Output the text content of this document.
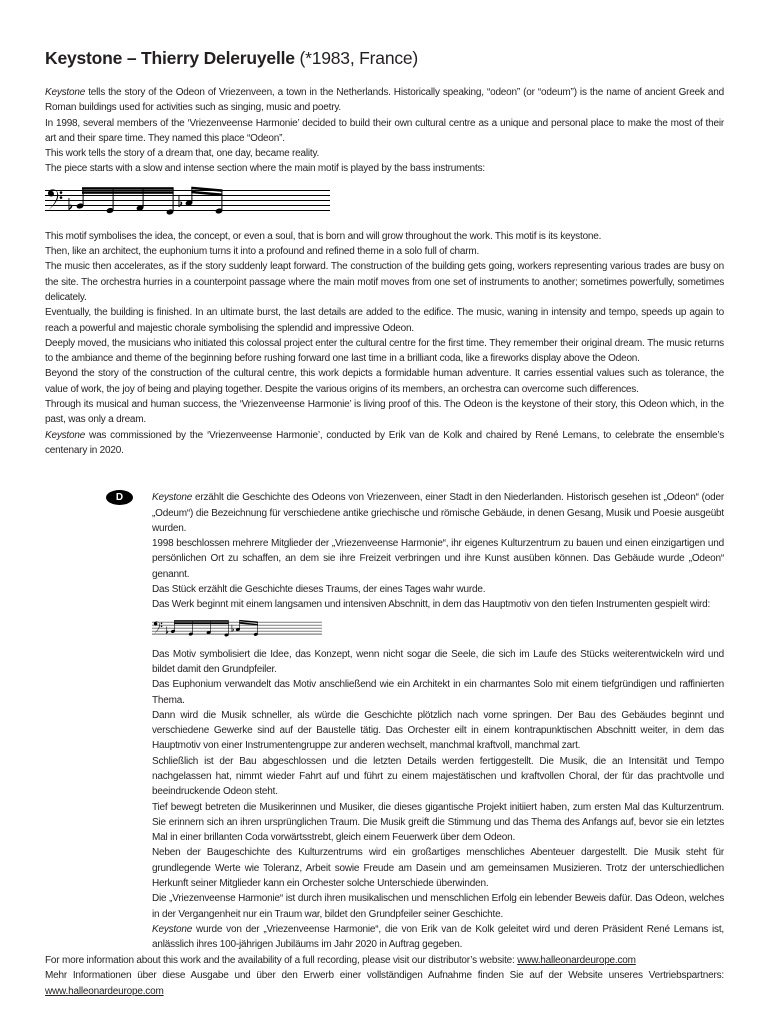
Keystone – Thierry Deleruyelle (*1983, France)

Keystone tells the story of the Odeon of Vriezenveen, a town in the Netherlands. Historically speaking, “odeon” (or “odeum”) is the name of ancient Greek and Roman buildings used for activities such as singing, music and poetry.

In 1998, several members of the ‘Vriezenveense Harmonie’ decided to build their own cultural centre as a unique and personal place to make the most of their art and their spare time. They named this place “Odeon”.

This work tells the story of a dream that, one day, became reality.

The piece starts with a slow and intense section where the main motif is played by the bass instruments:

This motif symbolises the idea, the concept, or even a soul, that is born and will grow throughout the work. This motif is its keystone.

Then, like an architect, the euphonium turns it into a profound and refined theme in a solo full of charm.

The music then accelerates, as if the story suddenly leapt forward. The construction of the building gets going, workers representing various trades are busy on the site. The orchestra hurries in a counterpoint passage where the main motif moves from one set of instruments to another; sometimes powerfully, sometimes delicately.

Eventually, the building is finished. In an ultimate burst, the last details are added to the edifice. The music, waning in intensity and tempo, speeds up again to reach a powerful and majestic chorale symbolising the splendid and impressive Odeon.

Deeply moved, the musicians who initiated this colossal project enter the cultural centre for the first time. They remember their original dream. The music returns to the ambiance and theme of the beginning before rushing forward one last time in a brilliant coda, like a fireworks display above the Odeon.

Beyond the story of the construction of the cultural centre, this work depicts a formidable human adventure. It carries essential values such as tolerance, the value of work, the joy of being and playing together. Despite the various origins of its members, an orchestra can overcome such differences.

Through its musical and human success, the ‘Vriezenveense Harmonie’ is living proof of this. The Odeon is the keystone of their story, this Odeon which, in the past, was only a dream.

Keystone was commissioned by the ‘Vriezenveense Harmonie’, conducted by Erik van de Kolk and chaired by René Lemans, to celebrate the ensemble’s centenary in 2020.

D	Keystone erzählt die Geschichte des Odeons von Vriezenveen, einer Stadt in den Niederlanden. Historisch gesehen ist „Odeon“ (oder „Odeum“) die Bezeichnung für verschiedene antike griechische und römische Gebäude, in denen Gesang, Musik und Poesie ausgeübt wurden.

1998 beschlossen mehrere Mitglieder der „Vriezenveense Harmonie“, ihr eigenes Kulturzentrum zu bauen und einen einzigartigen und persönlichen Ort zu schaffen, an dem sie ihre Freizeit verbringen und ihre Kunst ausüben können. Das Gebäude wurde „Odeon“ genannt.

Das Stück erzählt die Geschichte dieses Traums, der eines Tages wahr wurde.

Das Werk beginnt mit einem langsamen und intensiven Abschnitt, in dem das Hauptmotiv von den tiefen Instrumenten gespielt wird:

Das Motiv symbolisiert die Idee, das Konzept, wenn nicht sogar die Seele, die sich im Laufe des Stücks weiterentwickeln wird und bildet damit den Grundpfeiler.

Das Euphonium verwandelt das Motiv anschließend wie ein Architekt in ein charmantes Solo mit einem tiefgründigen und raffinierten Thema.

Dann wird die Musik schneller, als würde die Geschichte plötzlich nach vorne springen. Der Bau des Gebäudes beginnt und verschiedene Gewerke sind auf der Baustelle tätig. Das Orchester eilt in einem kontrapunktischen Abschnitt weiter, in dem das Hauptmotiv von einer Instrumentengruppe zur anderen wechselt, manchmal kraftvoll, manchmal zart.

Schließlich ist der Bau abgeschlossen und die letzten Details werden fertiggestellt. Die Musik, die an Intensität und Tempo nachgelassen hat, nimmt wieder Fahrt auf und führt zu einem majestätischen und kraftvollen Choral, der für das prachtvolle und beeindruckende Odeon steht.

Tief bewegt betreten die Musikerinnen und Musiker, die dieses gigantische Projekt initiiert haben, zum ersten Mal das Kulturzentrum. Sie erinnern sich an ihren ursprünglichen Traum. Die Musik greift die Stimmung und das Thema des Anfangs auf, bevor sie ein letztes Mal in einer brillanten Coda vorwärtsstrebt, gleich einem Feuerwerk über dem Odeon.

Neben der Baugeschichte des Kulturzentrums wird ein großartiges menschliches Abenteuer dargestellt. Die Musik steht für grundlegende Werte wie Toleranz, Arbeit sowie Freude am Dasein und am gemeinsamen Musizieren. Trotz der unterschiedlichen Herkunft seiner Mitglieder kann ein Orchester solche Unterschiede überwinden.

Die „Vriezenveense Harmonie“ ist durch ihren musikalischen und menschlichen Erfolg ein lebender Beweis dafür. Das Odeon, welches in der Vergangenheit nur ein Traum war, bildet den Grundpfeiler seiner Geschichte.

Keystone wurde von der „Vriezenveense Harmonie“, die von Erik van de Kolk geleitet wird und deren Präsident René Lemans ist, anlässlich ihres 100-jährigen Jubiläums im Jahr 2020 in Auftrag gegeben.

For more information about this work and the availability of a full recording, please visit our distributor’s website: www.halleonardeurope.com

Mehr Informationen über diese Ausgabe und über den Erwerb einer vollständigen Aufnahme finden Sie auf der Website unseres Vertriebspartners: www.halleonardeurope.com
